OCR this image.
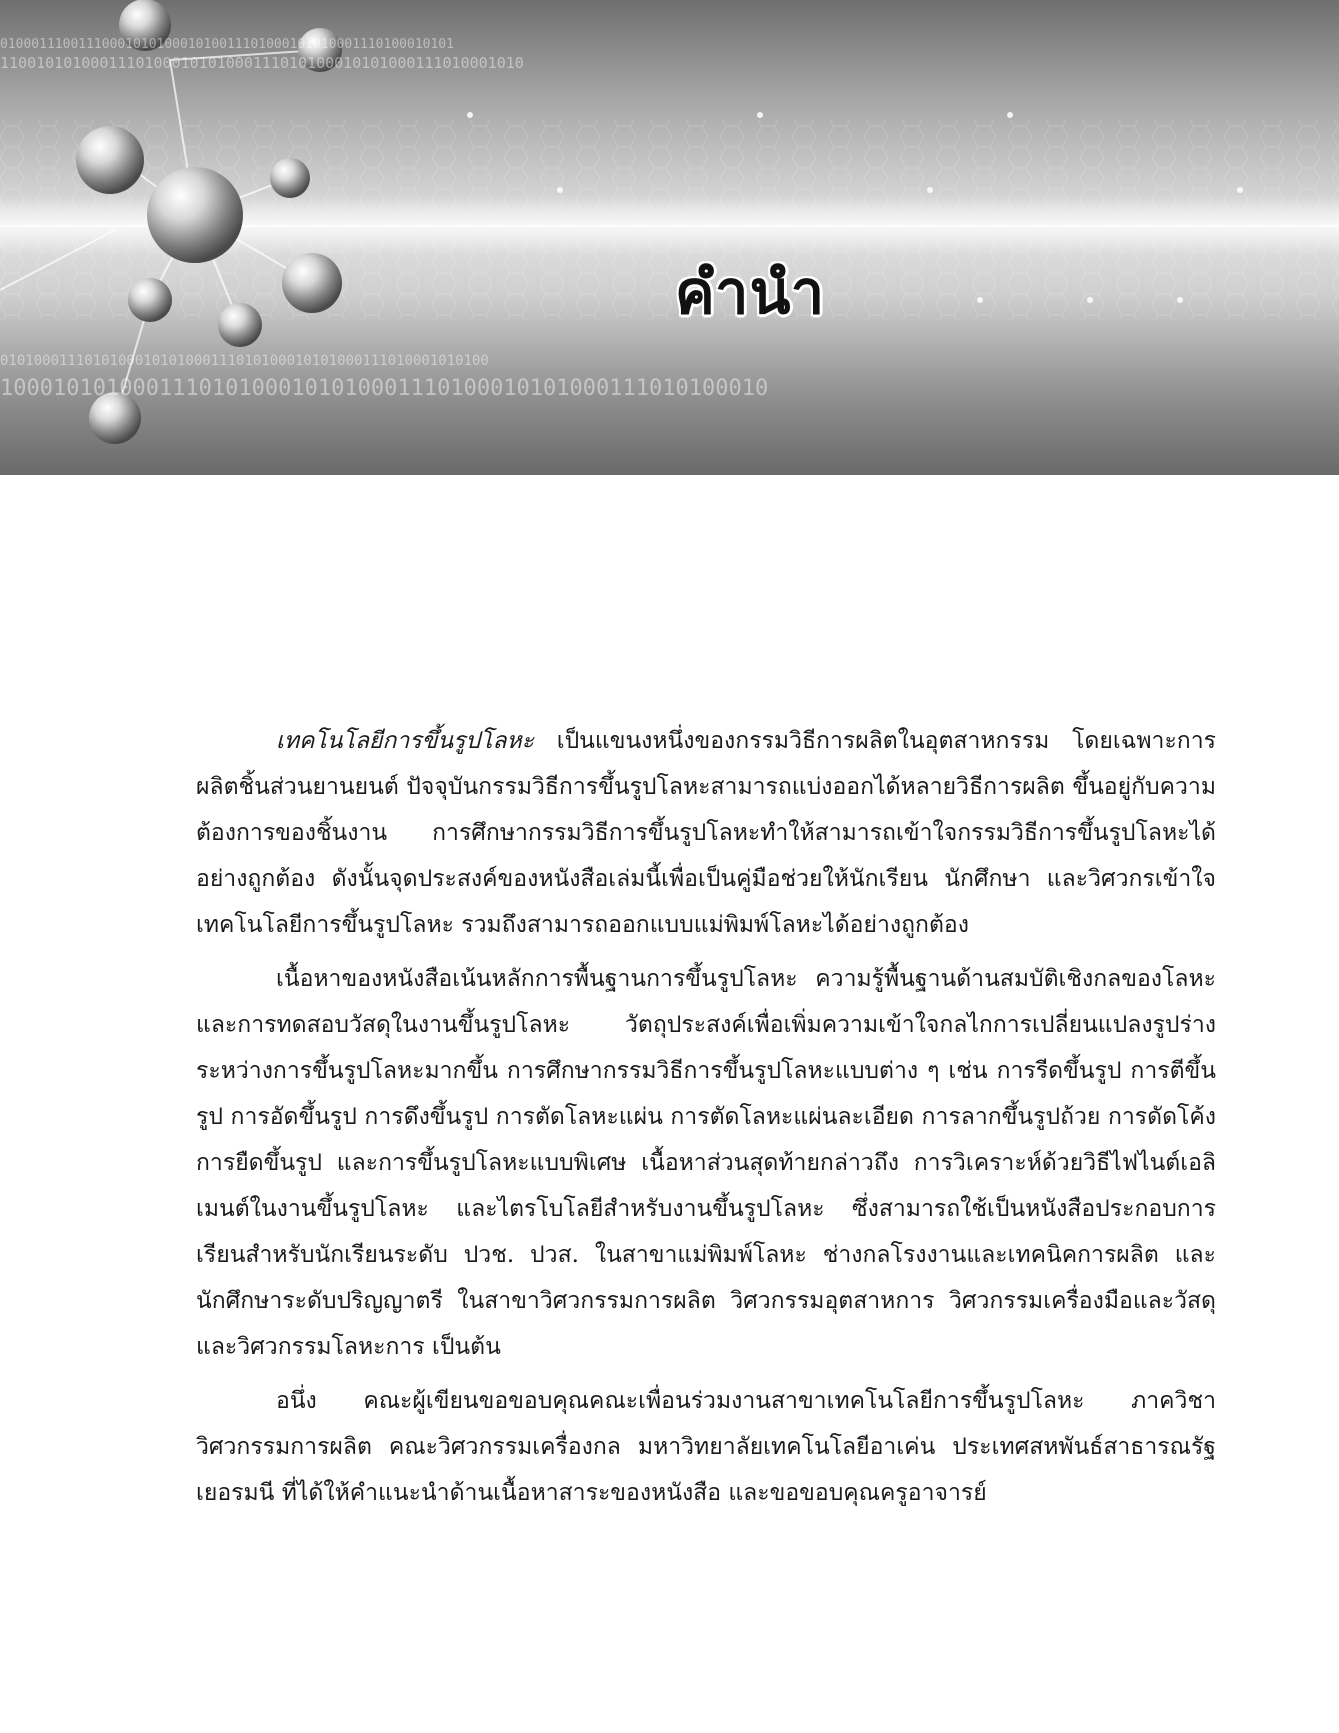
0100011100111000101010001010011101000101010001110100010101
1100101010001110100010101000111010100010101000111010001010
0101000111010100010101000111010100010101000111010001010100
1000101010001110101000101010001110100010101000111010100010
คำนำ

เทคโนโลยีการขึ้นรูปโลหะ เป็นแขนงหนึ่งของกรรมวิธีการผลิตในอุตสาหกรรม โดยเฉพาะการผลิตชิ้นส่วนยานยนต์ ปัจจุบันกรรมวิธีการขึ้นรูปโลหะสามารถแบ่งออกได้หลายวิธีการผลิต ขึ้นอยู่กับความต้องการของชิ้นงาน การศึกษากรรมวิธีการขึ้นรูปโลหะทำให้สามารถเข้าใจกรรมวิธีการขึ้นรูปโลหะได้อย่างถูกต้อง ดังนั้นจุดประสงค์ของหนังสือเล่มนี้เพื่อเป็นคู่มือช่วยให้นักเรียน นักศึกษา และวิศวกรเข้าใจเทคโนโลยีการขึ้นรูปโลหะ รวมถึงสามารถออกแบบแม่พิมพ์โลหะได้อย่างถูกต้อง

เนื้อหาของหนังสือเน้นหลักการพื้นฐานการขึ้นรูปโลหะ ความรู้พื้นฐานด้านสมบัติเชิงกลของโลหะ และการทดสอบวัสดุในงานขึ้นรูปโลหะ วัตถุประสงค์เพื่อเพิ่มความเข้าใจกลไกการเปลี่ยนแปลงรูปร่างระหว่างการขึ้นรูปโลหะมากขึ้น การศึกษากรรมวิธีการขึ้นรูปโลหะแบบต่าง ๆ เช่น การรีดขึ้นรูป การตีขึ้นรูป การอัดขึ้นรูป การดึงขึ้นรูป การตัดโลหะแผ่น การตัดโลหะแผ่นละเอียด การลากขึ้นรูปถ้วย การดัดโค้ง การยืดขึ้นรูป และการขึ้นรูปโลหะแบบพิเศษ เนื้อหาส่วนสุดท้ายกล่าวถึง การวิเคราะห์ด้วยวิธีไฟไนต์เอลิเมนต์ในงานขึ้นรูปโลหะ และไตรโบโลยีสำหรับงานขึ้นรูปโลหะ ซึ่งสามารถใช้เป็นหนังสือประกอบการเรียนสำหรับนักเรียนระดับ ปวช. ปวส. ในสาขาแม่พิมพ์โลหะ ช่างกลโรงงานและเทคนิคการผลิต และนักศึกษาระดับปริญญาตรี ในสาขาวิศวกรรมการผลิต วิศวกรรมอุตสาหการ วิศวกรรมเครื่องมือและวัสดุ และวิศวกรรมโลหะการ เป็นต้น

อนึ่ง คณะผู้เขียนขอขอบคุณคณะเพื่อนร่วมงานสาขาเทคโนโลยีการขึ้นรูปโลหะ ภาควิชาวิศวกรรมการผลิต คณะวิศวกรรมเครื่องกล มหาวิทยาลัยเทคโนโลยีอาเค่น ประเทศสหพันธ์สาธารณรัฐเยอรมนี ที่ได้ให้คำแนะนำด้านเนื้อหาสาระของหนังสือ และขอขอบคุณครูอาจารย์
